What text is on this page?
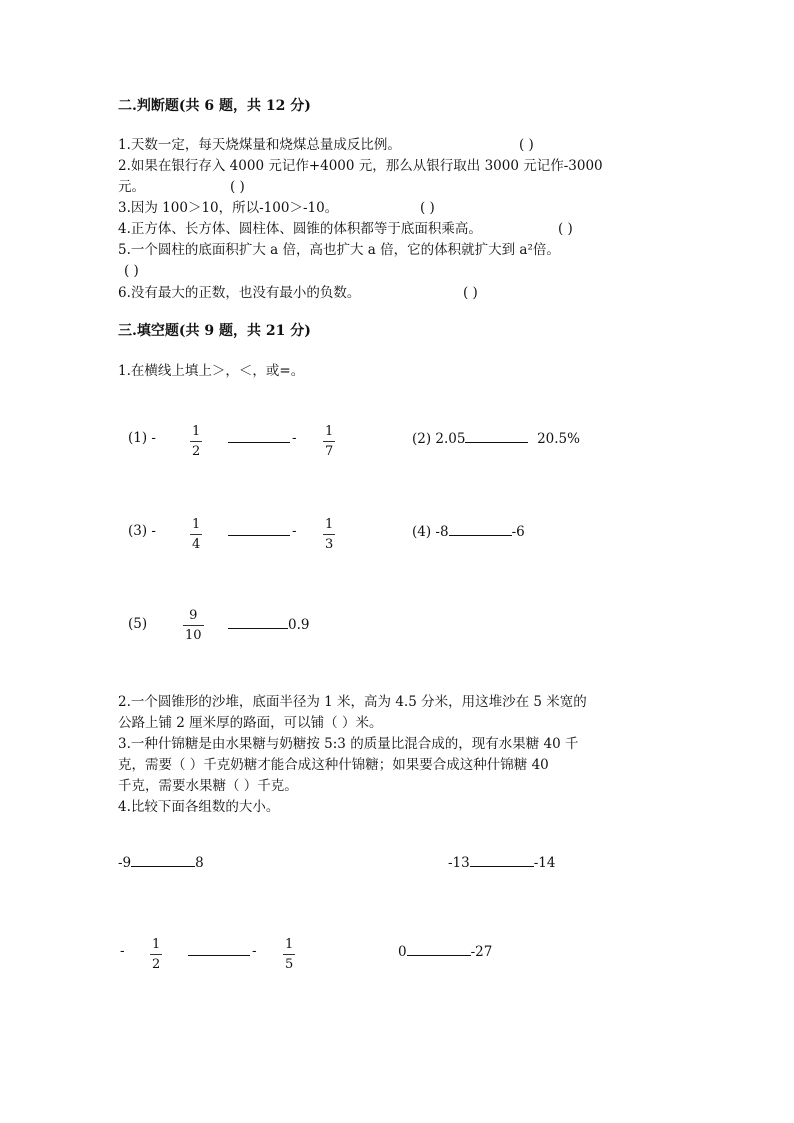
二.判断题(共 6 题，共 12 分)
1.天数一定，每天烧煤量和烧煤总量成反比例。	( )
2.如果在银行存入 4000 元记作+4000 元，那么从银行取出 3000 元记作-3000
元。	( )
3.因为 100＞10，所以-100＞-10。	( )
4.正方体、长方体、圆柱体、圆锥的体积都等于底面积乘高。	( )
5.一个圆柱的底面积扩大 a 倍，高也扩大 a 倍，它的体积就扩大到 a²倍。
( )
6.没有最大的正数，也没有最小的负数。	( )
三.填空题(共 9 题，共 21 分)
1.在横线上填上＞，＜，或=。
(1) -	1
2
- 1
7
(2) 2.05	20.5%
(3) -	1
4
- 1
3
(4) -8	-6
(5)
9
10
0.9
2.一个圆锥形的沙堆，底面半径为 1 米，高为 4.5 分米，用这堆沙在 5 米宽的
公路上铺 2 厘米厚的路面，可以铺（ ）米。
3.一种什锦糖是由水果糖与奶糖按 5:3 的质量比混合成的，现有水果糖 40 千
克，需要（ ）千克奶糖才能合成这种什锦糖；如果要合成这种什锦糖 40
千克，需要水果糖（ ）千克。
4.比较下面各组数的大小。
-9	8	-13	-14
- 1
2
- 1
5
0	-27
